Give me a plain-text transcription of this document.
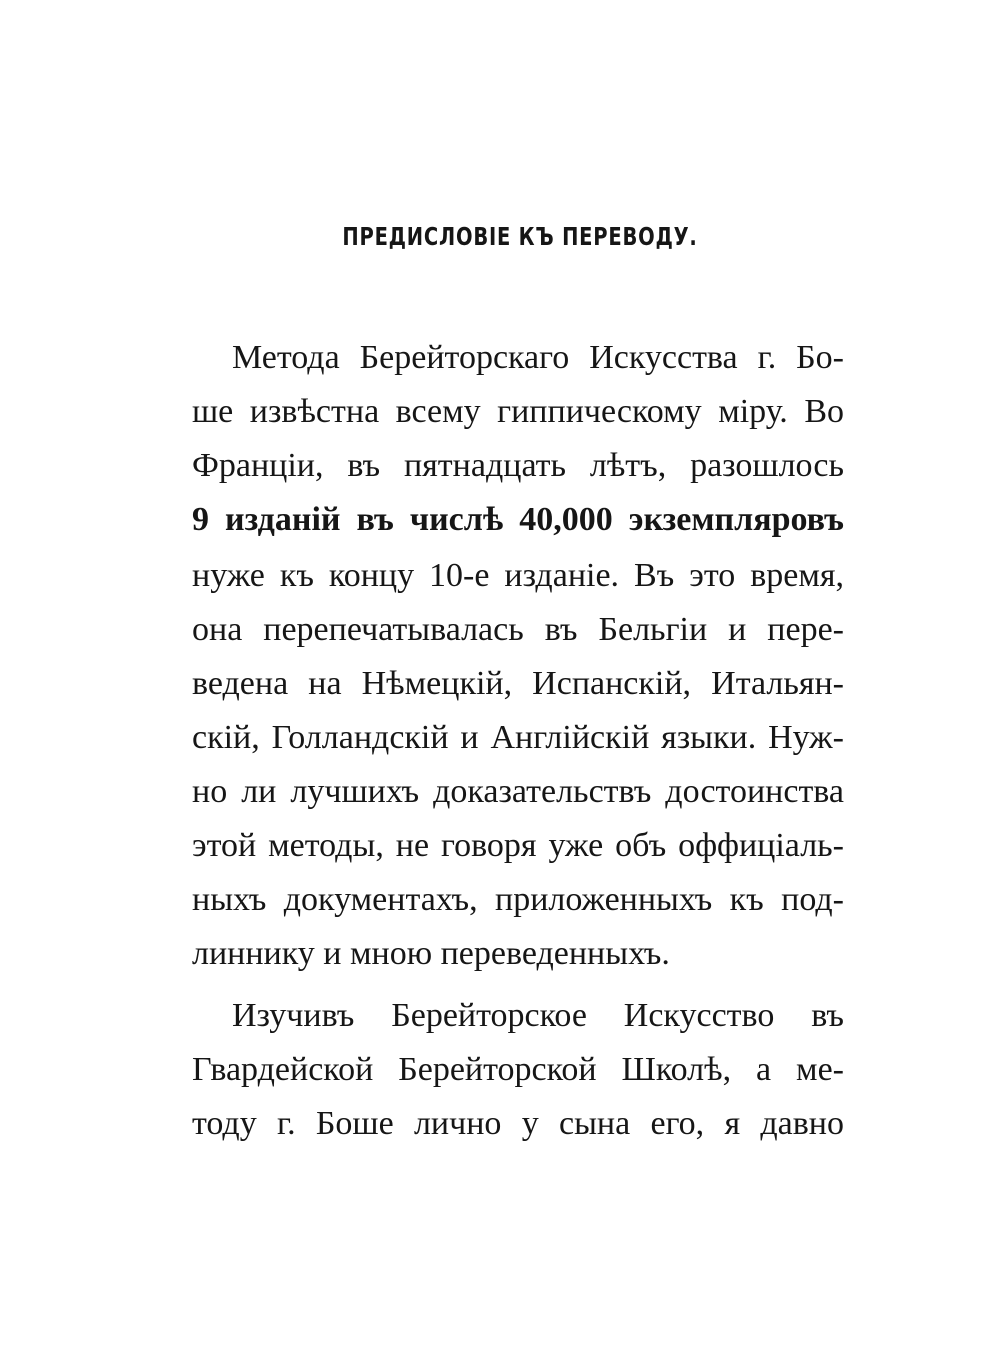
ПРЕДИСЛОВІЕ КЪ ПЕРЕВОДУ.

Метода Берейторскаго Искусства г. Бо-

ше извѣстна всему гиппическому міру. Во

Франціи, въ пятнадцать лѣтъ, разошлось

9 изданій въ числѣ 40,000 экземпляровъ

нуже къ концу 10-е изданіе. Въ это время,

она перепечатывалась въ Бельгіи и пере-

ведена на Нѣмецкій, Испанскій, Итальян-

скій, Голландскій и Англійскій языки. Нуж-

но ли лучшихъ доказательствъ достоинства

этой методы, не говоря уже объ оффиціаль-

ныхъ документахъ, приложенныхъ къ под-

линнику и мною переведенныхъ.

Изучивъ Берейторское Искусство въ

Гвардейской Берейторской Школѣ, а ме-

тоду г. Боше лично у сына его, я давно
